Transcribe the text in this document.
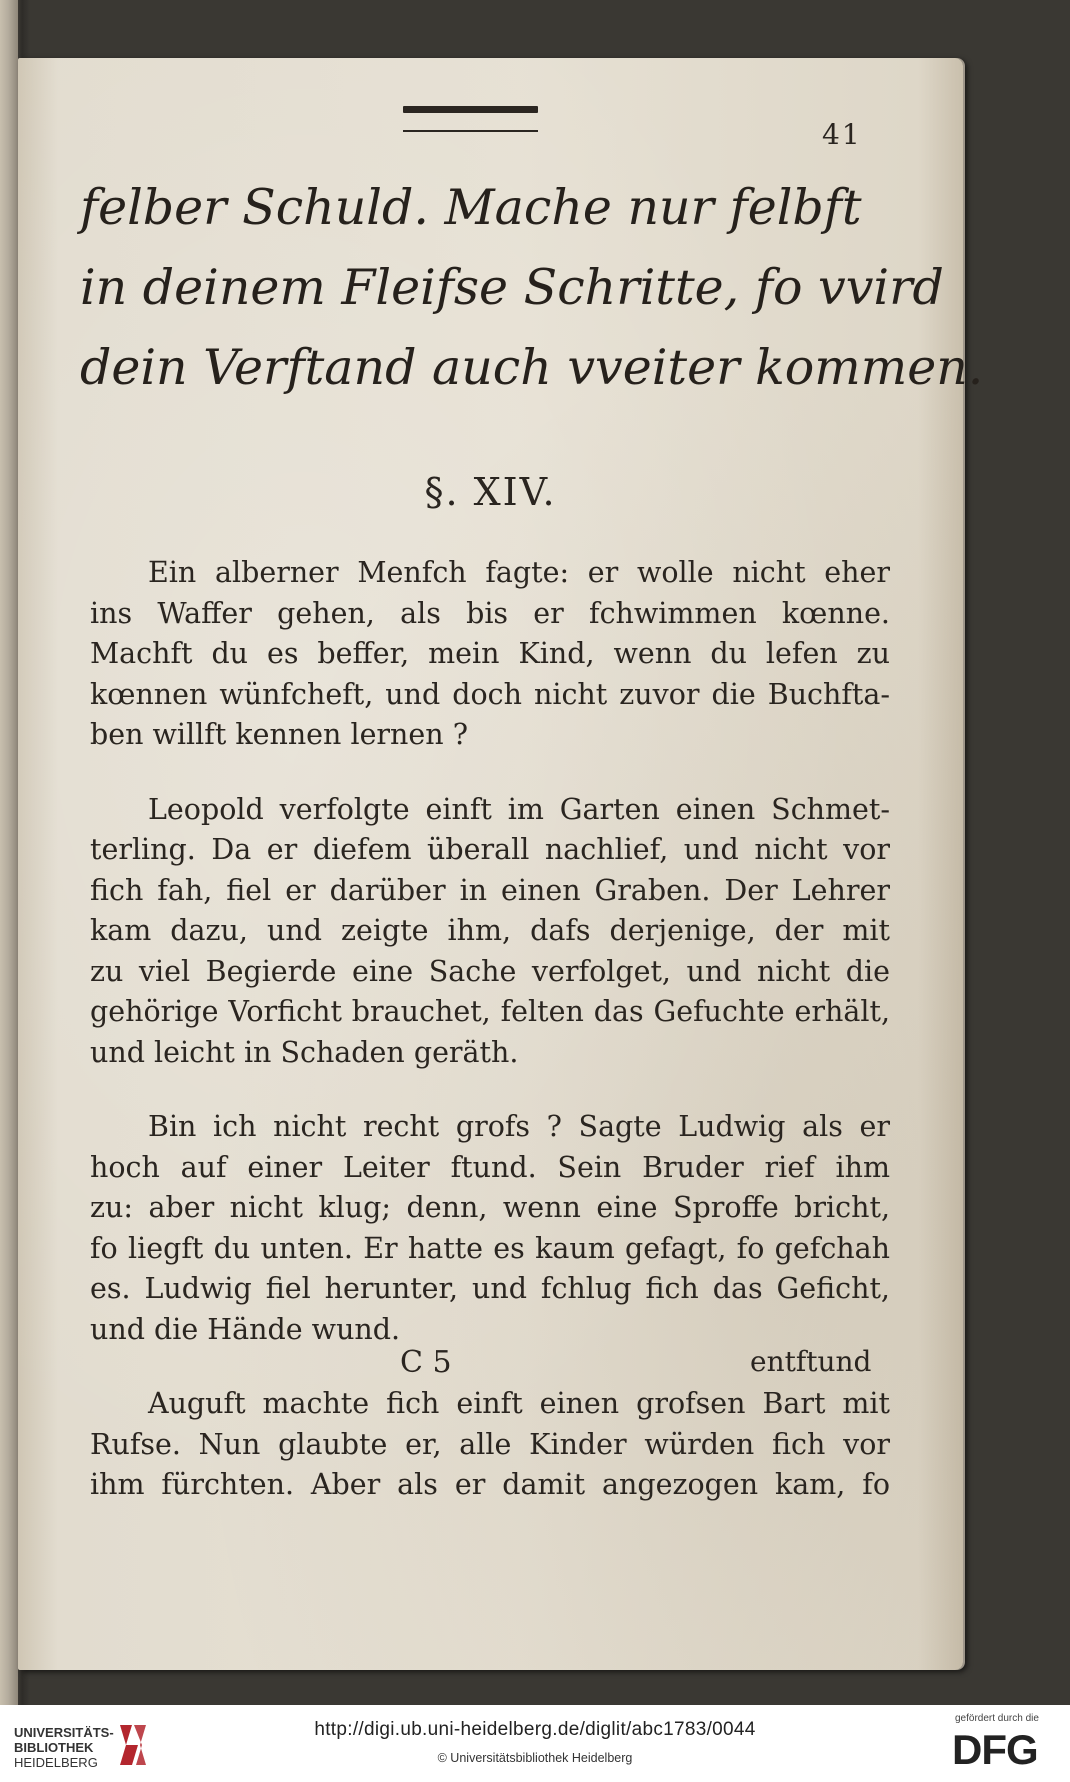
41
felber Schuld. Mache nur felbft
in deinem Fleifse Schritte, fo vvird
dein Verftand auch vveiter kommen.
§. XIV.
Ein alberner Menfch fagte: er wolle nicht eher
ins Waffer gehen, als bis er fchwimmen kœnne.
Machft du es beffer, mein Kind, wenn du lefen zu
kœnnen wünfcheft, und doch nicht zuvor die Buchfta-
ben willft kennen lernen ?
Leopold verfolgte einft im Garten einen Schmet-
terling. Da er diefem überall nachlief, und nicht vor
fich fah, fiel er darüber in einen Graben. Der Lehrer
kam dazu, und zeigte ihm, dafs derjenige, der mit
zu viel Begierde eine Sache verfolget, und nicht die
gehörige Vorficht brauchet, felten das Gefuchte erhält,
und leicht in Schaden geräth.
Bin ich nicht recht grofs ? Sagte Ludwig als er
hoch auf einer Leiter ftund. Sein Bruder rief ihm
zu: aber nicht klug; denn, wenn eine Sproffe bricht,
fo liegft du unten. Er hatte es kaum gefagt, fo gefchah
es. Ludwig fiel herunter, und fchlug fich das Geficht,
und die Hände wund.
Auguft machte fich einft einen grofsen Bart mit
Rufse. Nun glaubte er, alle Kinder würden fich vor
ihm fürchten. Aber als er damit angezogen kam, fo
C 5	entftund
UNIVERSITÄTS-
BIBLIOTHEK
HEIDELBERG
http://digi.ub.uni-heidelberg.de/diglit/abc1783/0044
© Universitätsbibliothek Heidelberg
gefördert durch die
DFG
